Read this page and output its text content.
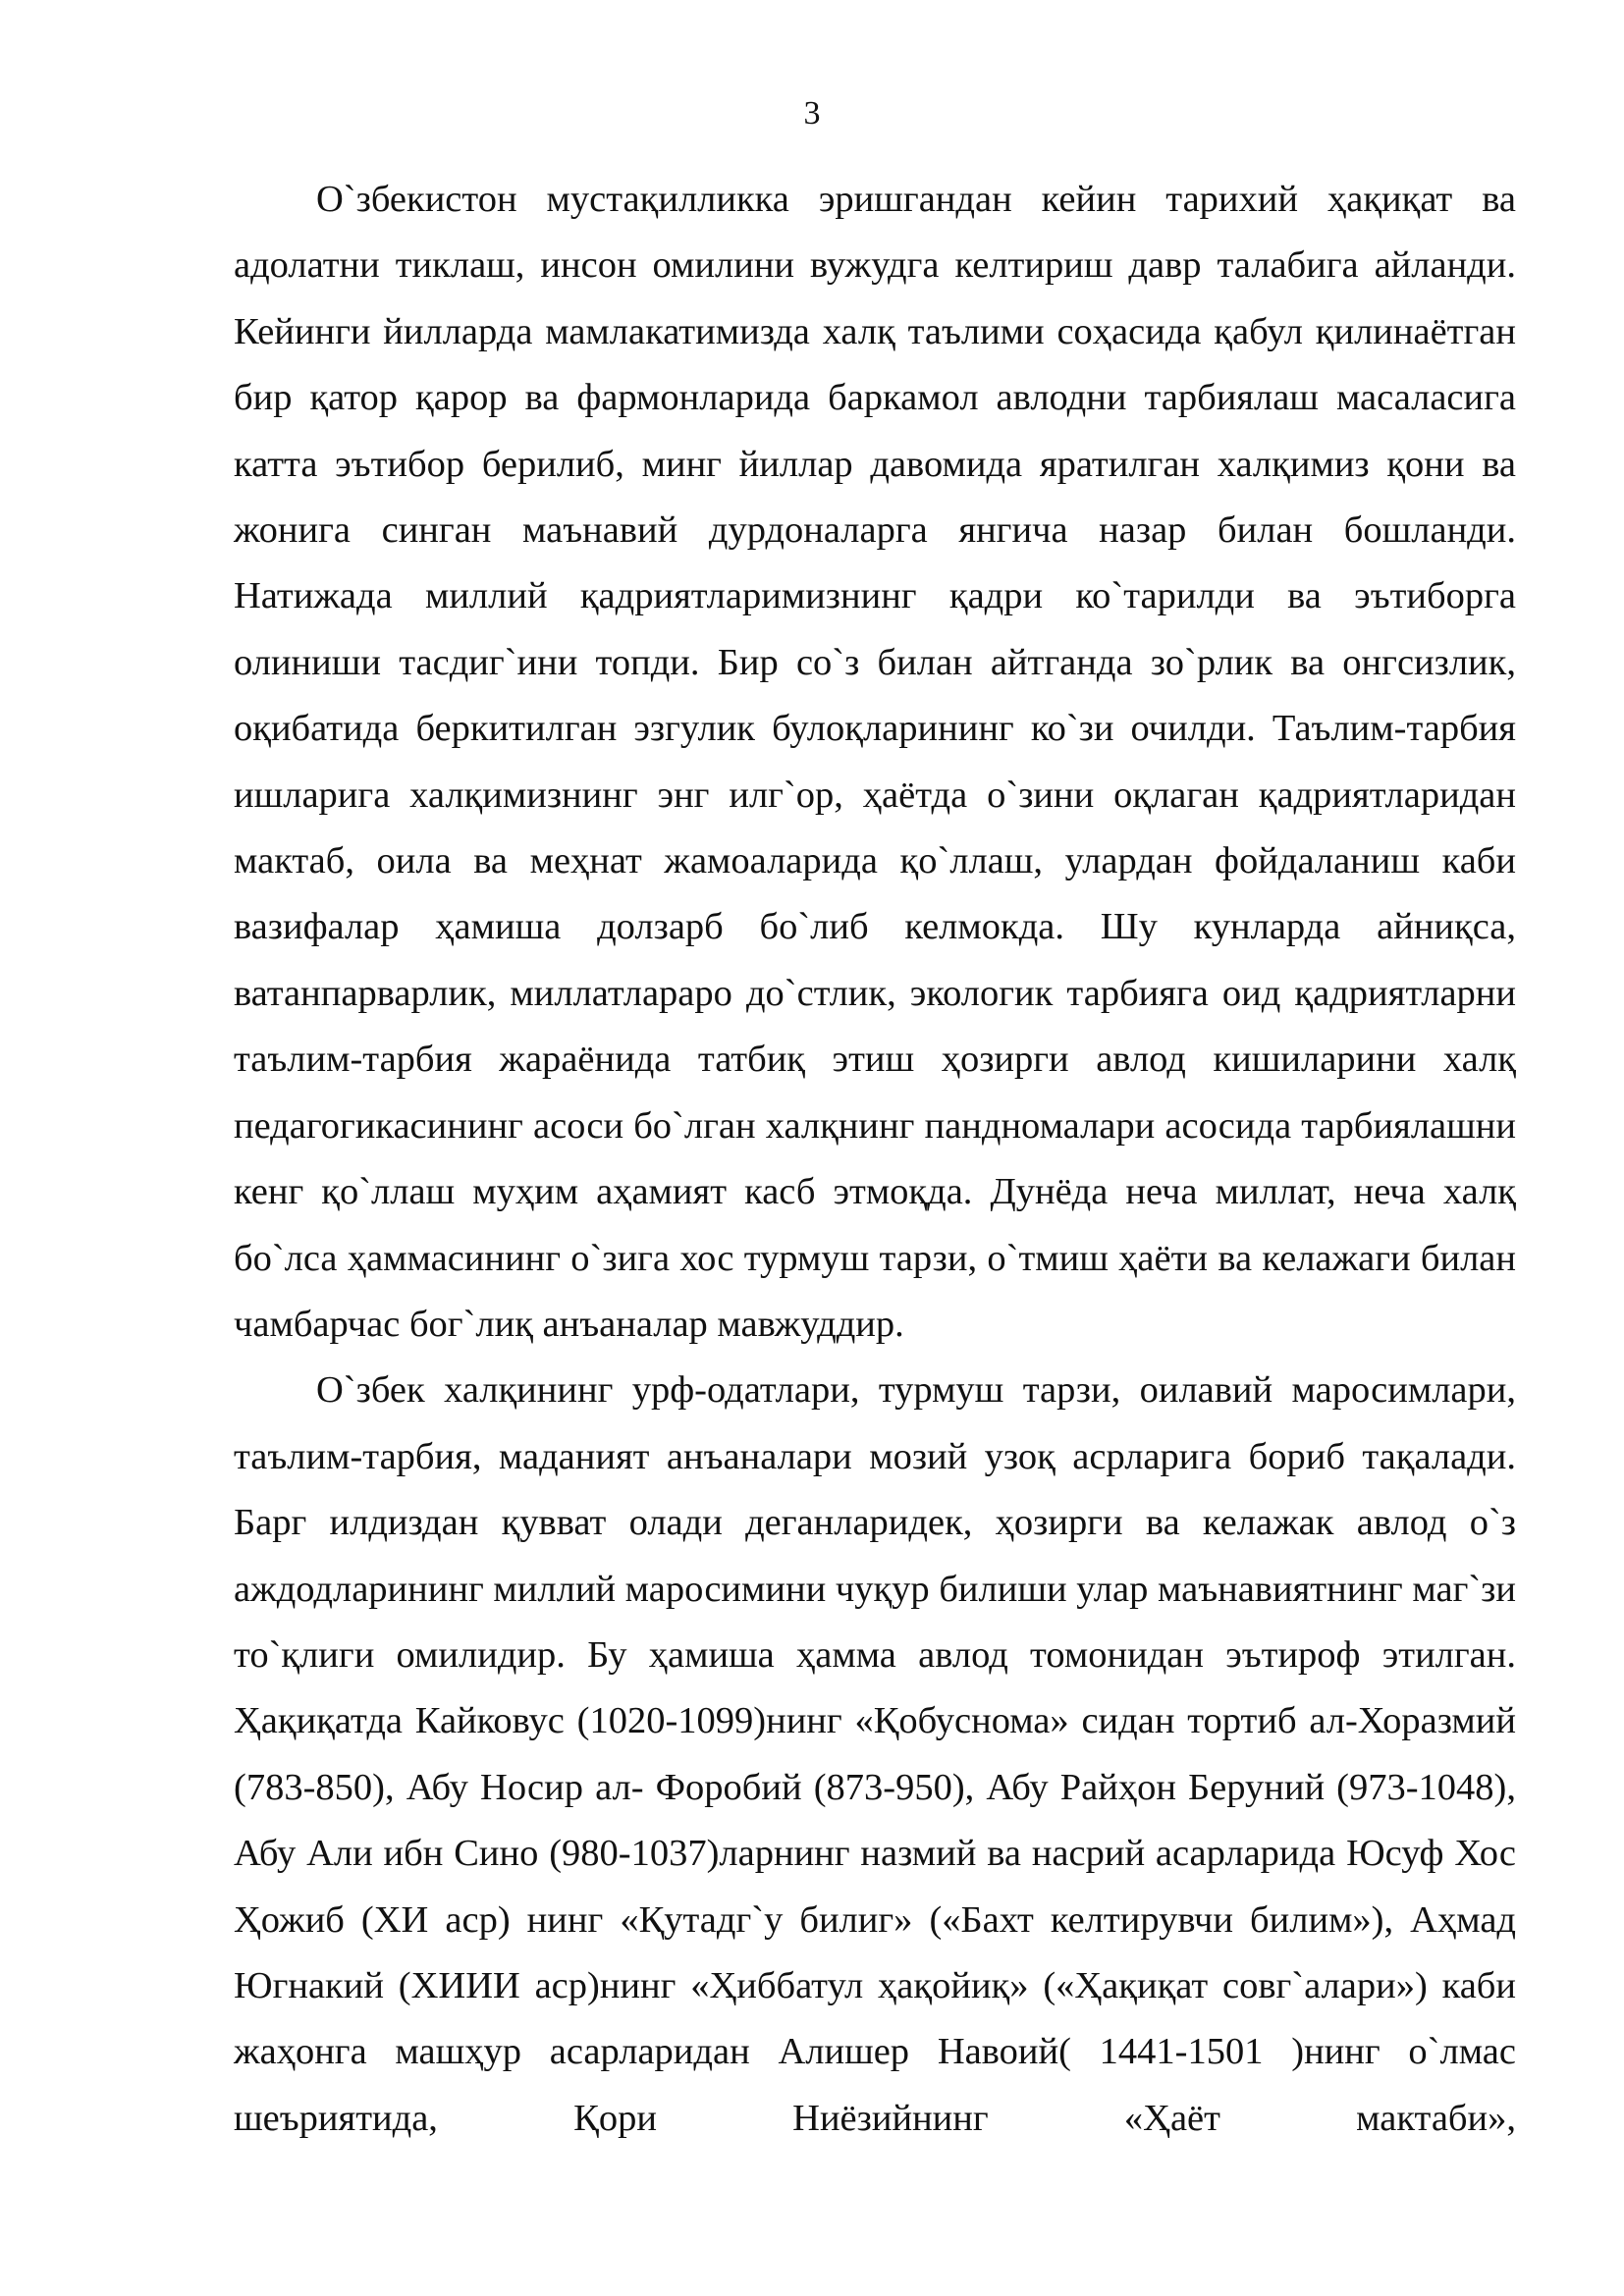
3

О`збекистон мустақилликка эришгандан кейин тарихий ҳақиқат ва адолатни тиклаш, инсон омилини вужудга келтириш давр талабига айланди. Кейинги йилларда мамлакатимизда халқ таълими соҳасида қабул қилинаётган бир қатор қарор ва фармонларида баркамол авлодни тарбиялаш масаласига катта эътибор берилиб, минг йиллар давомида яратилган халқимиз қони ва жонига синган маънавий дурдоналарга янгича назар билан бошланди. Натижада миллий қадриятларимизнинг қадри ко`тарилди ва эътиборга олиниши тасдиг`ини топди. Бир со`з билан айтганда зо`рлик ва онгсизлик, оқибатида беркитилган эзгулик булоқларининг ко`зи очилди. Таълим-тарбия ишларига халқимизнинг энг илг`ор, ҳаётда о`зини оқлаган қадриятларидан мактаб, оила ва меҳнат жамоаларида қо`ллаш, улардан фойдаланиш каби вазифалар ҳамиша долзарб бо`либ келмокда. Шу кунларда айниқса, ватанпарварлик, миллатлараро до`стлик, экологик тарбияга оид қадриятларни таълим-тарбия жараёнида татбиқ этиш ҳозирги авлод кишиларини халқ педагогикасининг асоси бо`лган халқнинг пандномалари асосида тарбиялашни кенг қо`ллаш муҳим аҳамият касб этмоқда. Дунёда неча миллат, неча халқ бо`лса ҳаммасининг о`зига хос турмуш тарзи, о`тмиш ҳаёти ва келажаги билан чамбарчас бог`лиқ анъаналар мавжуддир.

О`збек халқининг урф-одатлари, турмуш тарзи, оилавий маросимлари, таълим-тарбия, маданият анъаналари мозий узоқ асрларига бориб тақалади. Барг илдиздан қувват олади деганларидек, ҳозирги ва келажак авлод о`з аждодларининг миллий маросимини чуқур билиши улар маънавиятнинг маг`зи то`қлиги омилидир. Бу ҳамиша ҳамма авлод томонидан эътироф этилган. Ҳақиқатда Кайковус (1020-1099)нинг «Қобуснома» сидан тортиб ал-Хоразмий (783-850), Абу Носир ал- Форобий (873-950), Абу Райҳон Беруний (973-1048), Абу Али ибн Сино (980-1037)ларнинг назмий ва насрий асарларида Юсуф Хос Ҳожиб (ХИ аср) нинг «Қутадг`у билиг» («Бахт келтирувчи билим»), Аҳмад Югнакий (ХИИИ аср)нинг «Ҳиббатул ҳақойиқ» («Ҳақиқат совг`алари») каби жаҳонга машҳур асарларидан Алишер Навоий( 1441-1501 )нинг о`лмас шеъриятида, Қори Ниёзийнинг «Ҳаёт мактаби»,
